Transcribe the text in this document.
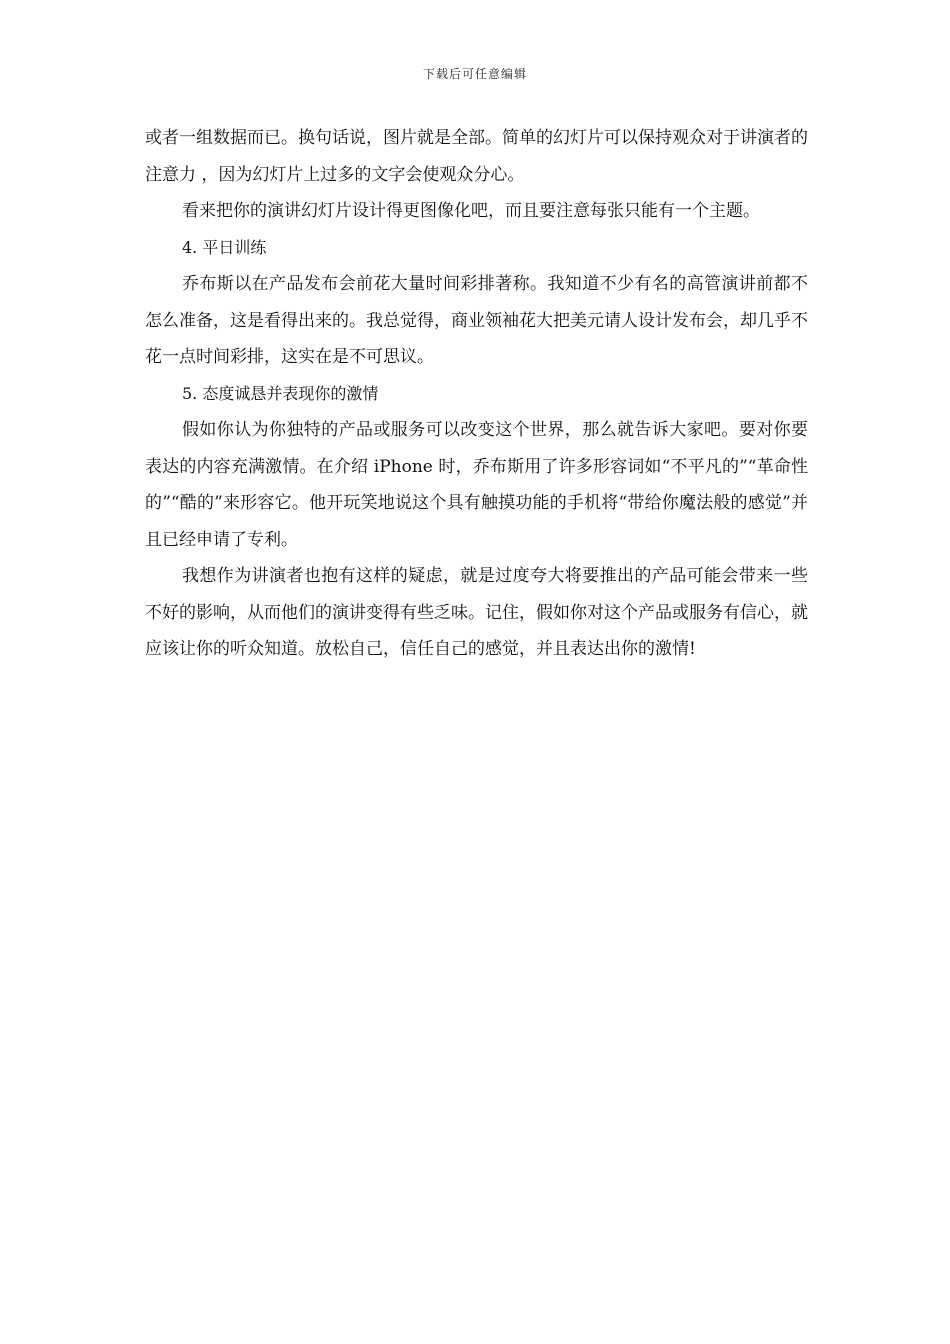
下载后可任意编辑

或者一组数据而已。换句话说，图片就是全部。简单的幻灯片可以保持观众对于讲演者的 注意力 ，因为幻灯片上过多的文字会使观众分心。

看来把你的演讲幻灯片设计得更图像化吧，而且要注意每张只能有一个主题。

4. 平日训练

乔布斯以在产品发布会前花大量时间彩排著称。我知道不少有名的高管演讲前都不怎么准备，这是看得出来的。我总觉得，商业领袖花大把美元请人设计发布会，却几乎不花一点时间彩排，这实在是不可思议。

5. 态度诚恳并表现你的激情

假如你认为你独特的产品或服务可以改变这个世界，那么就告诉大家吧。要对你要表达的内容充满激情。在介绍 iPhone 时，乔布斯用了许多形容词如“不平凡的”“革命性的”“酷的”来形容它。他开玩笑地说这个具有触摸功能的手机将“带给你魔法般的感觉”并且已经申请了专利。

我想作为讲演者也抱有这样的疑虑，就是过度夸大将要推出的产品可能会带来一些不好的影响，从而他们的演讲变得有些乏味。记住，假如你对这个产品或服务有信心，就应该让你的听众知道。放松自己，信任自己的感觉，并且表达出你的激情!
